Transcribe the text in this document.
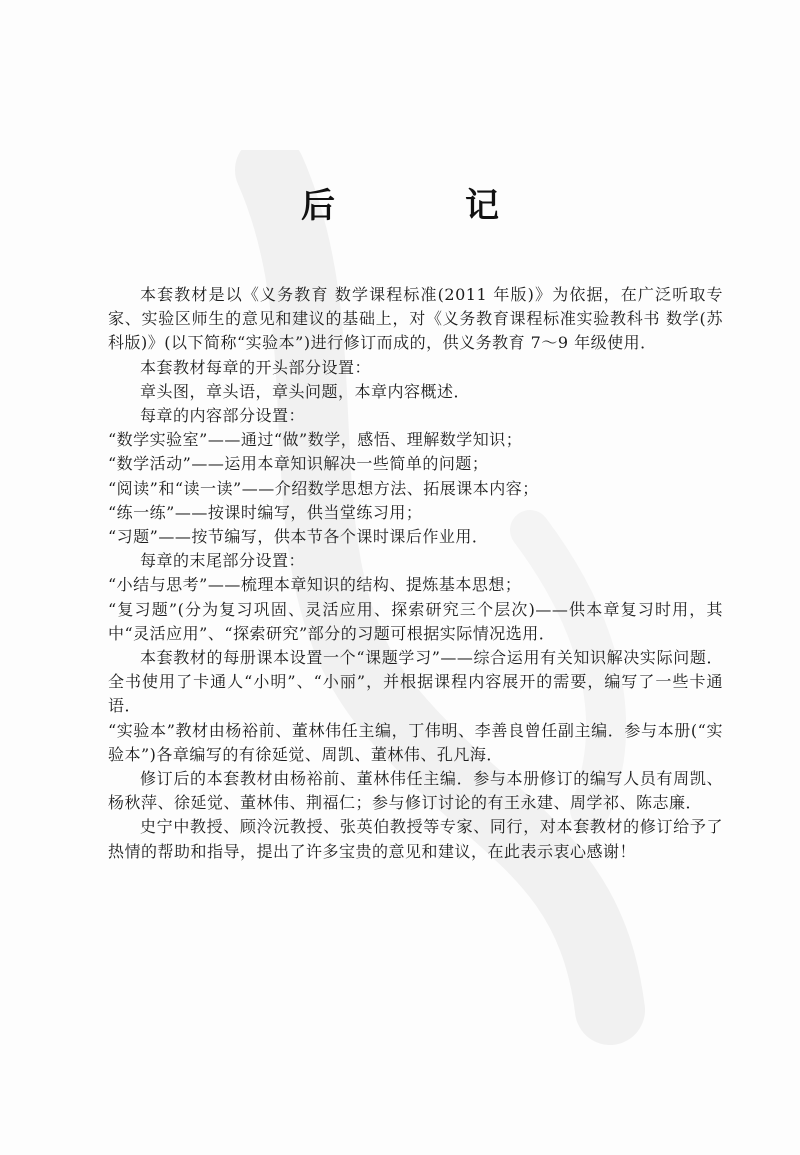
后　记

本套教材是以《义务教育 数学课程标准(2011 年版)》为依据，在广泛听取专家、实验区师生的意见和建议的基础上，对《义务教育课程标准实验教科书 数学(苏科版)》(以下简称“实验本”)进行修订而成的，供义务教育 7～9 年级使用．

本套教材每章的开头部分设置：

章头图，章头语，章头问题，本章内容概述．

每章的内容部分设置：

“数学实验室”——通过“做”数学，感悟、理解数学知识；

“数学活动”——运用本章知识解决一些简单的问题；

“阅读”和“读一读”——介绍数学思想方法、拓展课本内容；

“练一练”——按课时编写，供当堂练习用；

“习题”——按节编写，供本节各个课时课后作业用．

每章的末尾部分设置：

“小结与思考”——梳理本章知识的结构、提炼基本思想；

“复习题”(分为复习巩固、灵活应用、探索研究三个层次)——供本章复习时用，其中“灵活应用”、“探索研究”部分的习题可根据实际情况选用．

本套教材的每册课本设置一个“课题学习”——综合运用有关知识解决实际问题．全书使用了卡通人“小明”、“小丽”，并根据课程内容展开的需要，编写了一些卡通语．

“实验本”教材由杨裕前、董林伟任主编，丁伟明、李善良曾任副主编．参与本册(“实验本”)各章编写的有徐延觉、周凯、董林伟、孔凡海．

修订后的本套教材由杨裕前、董林伟任主编．参与本册修订的编写人员有周凯、杨秋萍、徐延觉、董林伟、荆福仁；参与修订讨论的有王永建、周学祁、陈志廉．

史宁中教授、顾泠沅教授、张英伯教授等专家、同行，对本套教材的修订给予了热情的帮助和指导，提出了许多宝贵的意见和建议，在此表示衷心感谢！
